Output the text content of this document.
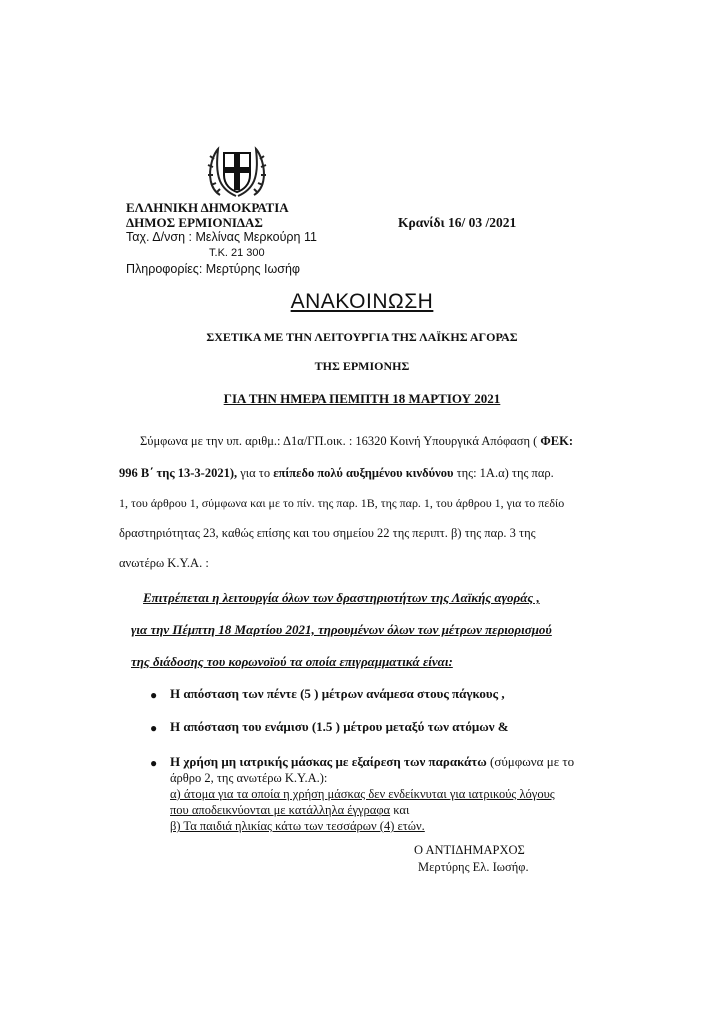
ΕΛΛΗΝΙΚΗ ΔΗΜΟΚΡΑΤΙΑ
ΔΗΜΟΣ ΕΡΜΙΟΝΙΔΑΣ
Ταχ. Δ/νση : Μελίνας Μερκούρη 11
Τ.Κ. 21 300
Πληροφορίες: Μερτύρης Ιωσήφ
Κρανίδι 16/ 03 /2021
ΑΝΑΚΟΙΝΩΣΗ
ΣΧΕΤΙΚΑ ΜΕ ΤΗΝ ΛΕΙΤΟΥΡΓΙΑ ΤΗΣ ΛΑΪΚΗΣ ΑΓΟΡΑΣ
ΤΗΣ ΕΡΜΙΟΝΗΣ
ΓΙΑ ΤΗΝ ΗΜΕΡΑ ΠΕΜΠΤΗ 18 ΜΑΡΤΙΟΥ 2021
Σύμφωνα με την υπ. αριθμ.: Δ1α/ΓΠ.οικ. : 16320 Κοινή Υπουργικά Απόφαση ( ΦΕΚ:
996 Β΄ της 13-3-2021), για το επίπεδο πολύ αυξημένου κινδύνου της: 1Α.α) της παρ.
1, του άρθρου 1, σύμφωνα και με το πίν. της παρ. 1Β, της παρ. 1, του άρθρου 1, για το πεδίο
δραστηριότητας 23, καθώς επίσης και του σημείου 22 της περιπτ. β) της παρ. 3 της
ανωτέρω Κ.Υ.Α. :
Επιτρέπεται η λειτουργία όλων των δραστηριοτήτων της Λαϊκής αγοράς ,
για την Πέμπτη 18 Μαρτίου 2021, τηρουμένων όλων των μέτρων περιορισμού
της διάδοσης του κορωνοϊού τα οποία επιγραμματικά είναι:
● Η απόσταση των πέντε (5 ) μέτρων ανάμεσα στους πάγκους ,
● Η απόσταση του ενάμισυ (1.5 ) μέτρου μεταξύ των ατόμων &
● Η χρήση μη ιατρικής μάσκας με εξαίρεση των παρακάτω (σύμφωνα με το
άρθρο 2, της ανωτέρω Κ.Υ.Α.):
α) άτομα για τα οποία η χρήση μάσκας δεν ενδείκνυται για ιατρικούς λόγους
που αποδεικνύονται με κατάλληλα έγγραφα και
β) Τα παιδιά ηλικίας κάτω των τεσσάρων (4) ετών.
Ο ΑΝΤΙΔΗΜΑΡΧΟΣ
Μερτύρης Ελ. Ιωσήφ.
